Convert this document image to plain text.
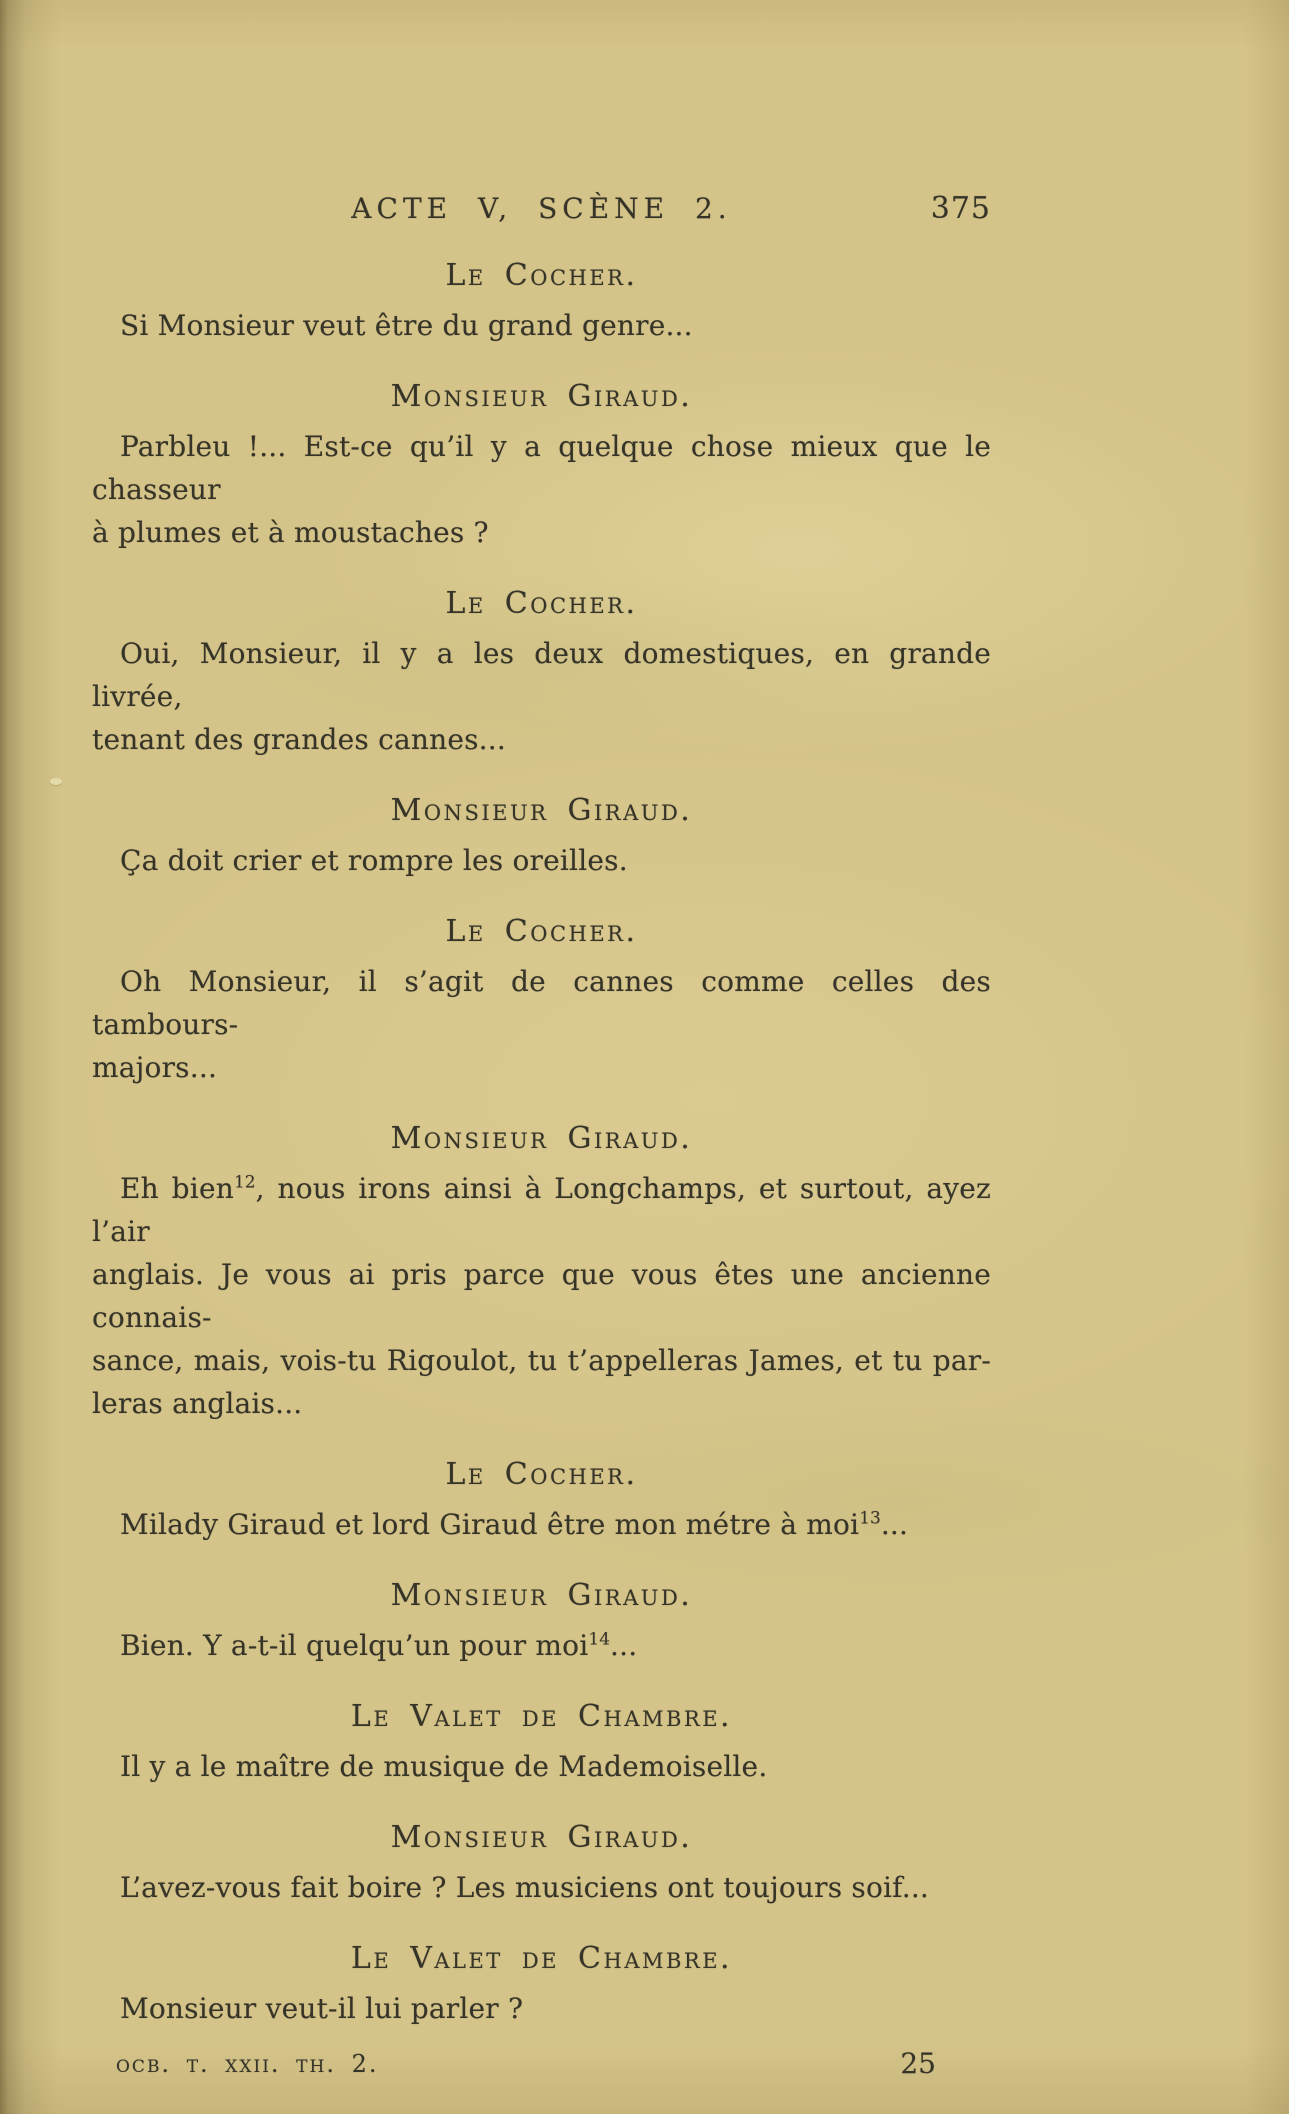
ACTE V, SCÈNE 2.	375
Le Cocher.
Si Monsieur veut être du grand genre...
Monsieur Giraud.
Parbleu !... Est-ce qu’il y a quelque chose mieux que le chasseur
à plumes et à moustaches ?
Le Cocher.
Oui, Monsieur, il y a les deux domestiques, en grande livrée,
tenant des grandes cannes...
Monsieur Giraud.
Ça doit crier et rompre les oreilles.
Le Cocher.
Oh Monsieur, il s’agit de cannes comme celles des tambours-
majors...
Monsieur Giraud.
Eh bien$^{12}$, nous irons ainsi à Longchamps, et surtout, ayez l’air
anglais. Je vous ai pris parce que vous êtes une ancienne connais-
sance, mais, vois-tu Rigoulot, tu t’appelleras James, et tu par-
leras anglais...
Le Cocher.
Milady Giraud et lord Giraud être mon métre à moi$^{13}$...
Monsieur Giraud.
Bien. Y a-t-il quelqu’un pour moi$^{14}$...
Le Valet de Chambre.
Il y a le maître de musique de Mademoiselle.
Monsieur Giraud.
L’avez-vous fait boire ? Les musiciens ont toujours soif...
Le Valet de Chambre.
Monsieur veut-il lui parler ?
ocb. t. xxii. th. 2.	25
